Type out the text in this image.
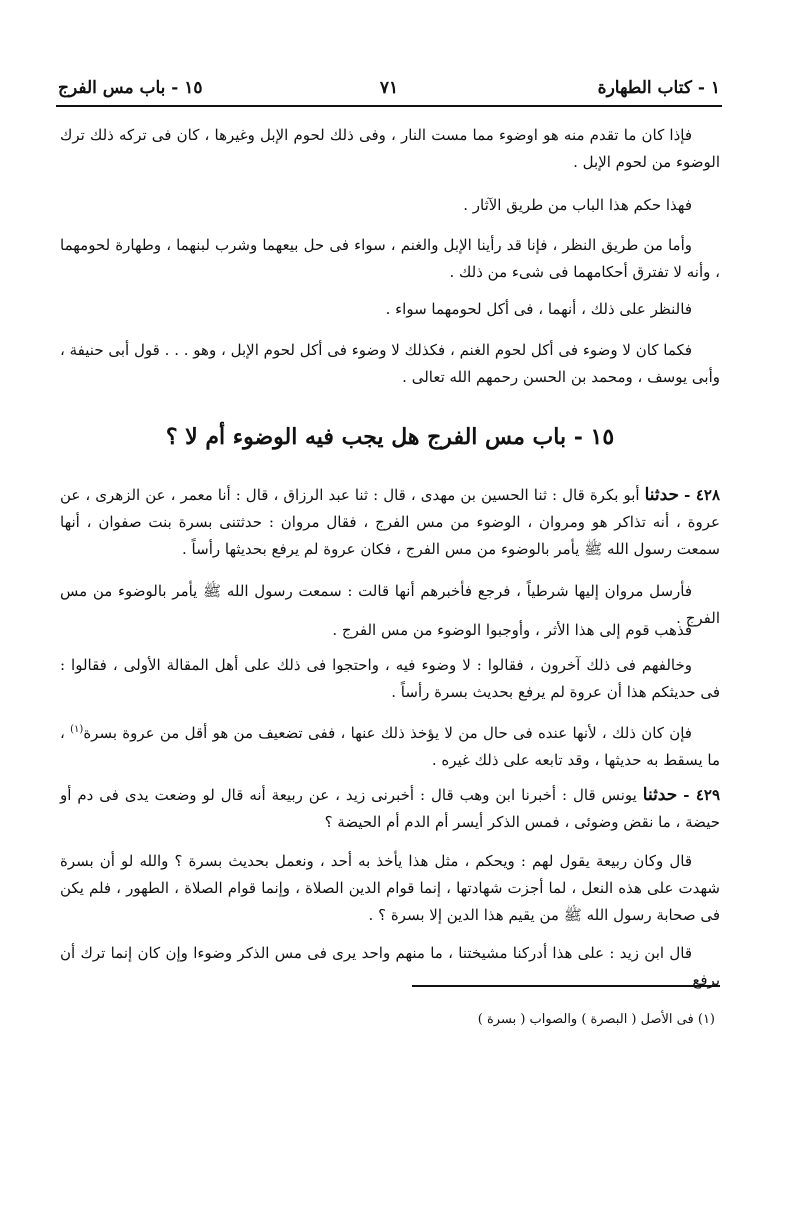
١ - كتاب الطهارة
٧١
١٥ - باب مس الفرج

فإذا كان ما تقدم منه هو اوضوء مما مست النار ، وفى ذلك لحوم الإبل وغيرها ، كان فى تركه ذلك ترك الوضوء من لحوم الإبل .

فهذا حكم هذا الباب من طريق الآثار .

وأما من طريق النظر ، فإنا قد رأينا الإبل والغنم ، سواء فى حل بيعهما وشرب لبنهما ، وطهارة لحومهما ، وأنه لا تفترق أحكامهما فى شىء من ذلك .

فالنظر على ذلك ، أنهما ، فى أكل لحومهما سواء .

فكما كان لا وضوء فى أكل لحوم الغنم ، فكذلك لا وضوء فى أكل لحوم الإبل ، وهو . . . قول أبى حنيفة ، وأبى يوسف ، ومحمد بن الحسن رحمهم الله تعالى .

١٥ - باب مس الفرج هل يجب فيه الوضوء أم لا ؟

٤٢٨ - حدثنا أبو بكرة قال : ثنا الحسين بن مهدى ، قال : ثنا عبد الرزاق ، قال : أنا معمر ، عن الزهرى ، عن عروة ، أنه تذاكر هو ومروان ، الوضوء من مس الفرج ، فقال مروان : حدثتنى بسرة بنت صفوان ، أنها سمعت رسول الله ﷺ يأمر بالوضوء من مس الفرج ، فكان عروة لم يرفع بحديثها رأساً .

فأرسل مروان إليها شرطياً ، فرجع فأخبرهم أنها قالت : سمعت رسول الله ﷺ يأمر بالوضوء من مس الفرج .

فذهب قوم إلى هذا الأثر ، وأوجبوا الوضوء من مس الفرج .

وخالفهم فى ذلك آخرون ، فقالوا : لا وضوء فيه ، واحتجوا فى ذلك على أهل المقالة الأولى ، فقالوا : فى حديثكم هذا أن عروة لم يرفع بحديث بسرة رأساً .

فإن كان ذلك ، لأنها عنده فى حال من لا يؤخذ ذلك عنها ، ففى تضعيف من هو أقل من عروة بسرة$^{(١)}$ ، ما يسقط به حديثها ، وقد تابعه على ذلك غيره .

٤٢٩ - حدثنا يونس قال : أخبرنا ابن وهب قال : أخبرنى زيد ، عن ربيعة أنه قال لو وضعت يدى فى دم أو حيضة ، ما نقض وضوئى ، فمس الذكر أيسر أم الدم أم الحيضة ؟

قال وكان ربيعة يقول لهم : ويحكم ، مثل هذا يأخذ به أحد ، ونعمل بحديث بسرة ؟ والله لو أن بسرة شهدت على هذه النعل ، لما أجزت شهادتها ، إنما قوام الدين الصلاة ، وإنما قوام الصلاة ، الطهور ، فلم يكن فى صحابة رسول الله ﷺ من يقيم هذا الدين إلا بسرة ؟ .

قال ابن زيد : على هذا أدركنا مشيختنا ، ما منهم واحد يرى فى مس الذكر وضوءا وإن كان إنما ترك أن يرفع

(١) فى الأصل ( البصرة ) والصواب ( بسرة )
